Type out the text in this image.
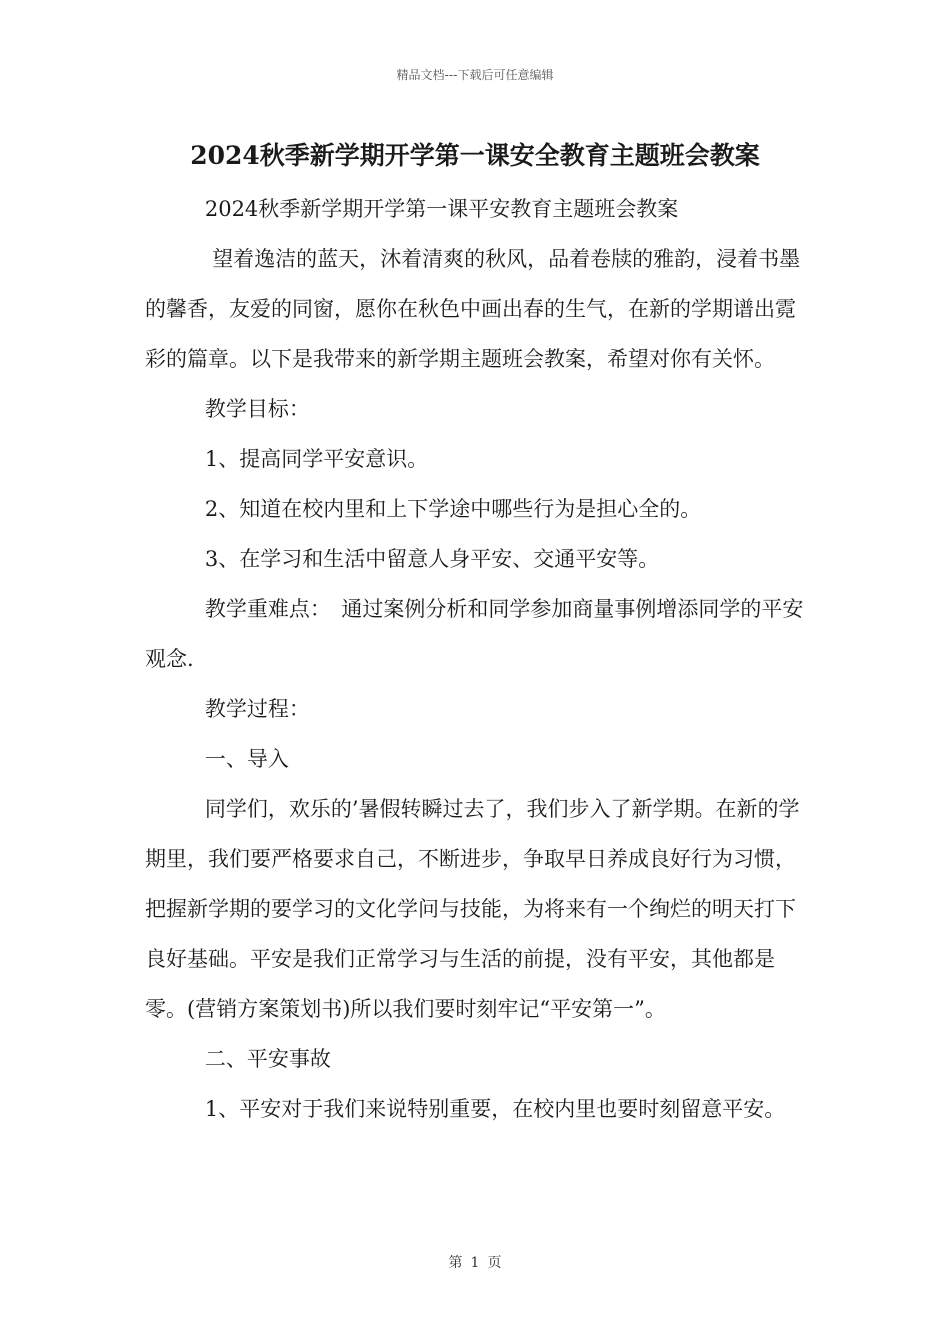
精品文档---下载后可任意编辑
2024秋季新学期开学第一课安全教育主题班会教案

2024秋季新学期开学第一课平安教育主题班会教案

望着逸洁的蓝天，沐着清爽的秋风，品着卷牍的雅韵，浸着书墨的馨香，友爱的同窗，愿你在秋色中画出春的生气，在新的学期谱出霓彩的篇章。以下是我带来的新学期主题班会教案，希望对你有关怀。

教学目标：

1、提高同学平安意识。

2、知道在校内里和上下学途中哪些行为是担心全的。

3、在学习和生活中留意人身平安、交通平安等。

教学重难点：　通过案例分析和同学参加商量事例增添同学的平安观念.

教学过程：

一、导入

同学们，欢乐的’暑假转瞬过去了，我们步入了新学期。在新的学期里，我们要严格要求自己，不断进步，争取早日养成良好行为习惯，把握新学期的要学习的文化学问与技能，为将来有一个绚烂的明天打下良好基础。平安是我们正常学习与生活的前提，没有平安，其他都是零。(营销方案策划书)所以我们要时刻牢记“平安第一”。

二、平安事故

1、平安对于我们来说特别重要，在校内里也要时刻留意平安。

第 1 页
